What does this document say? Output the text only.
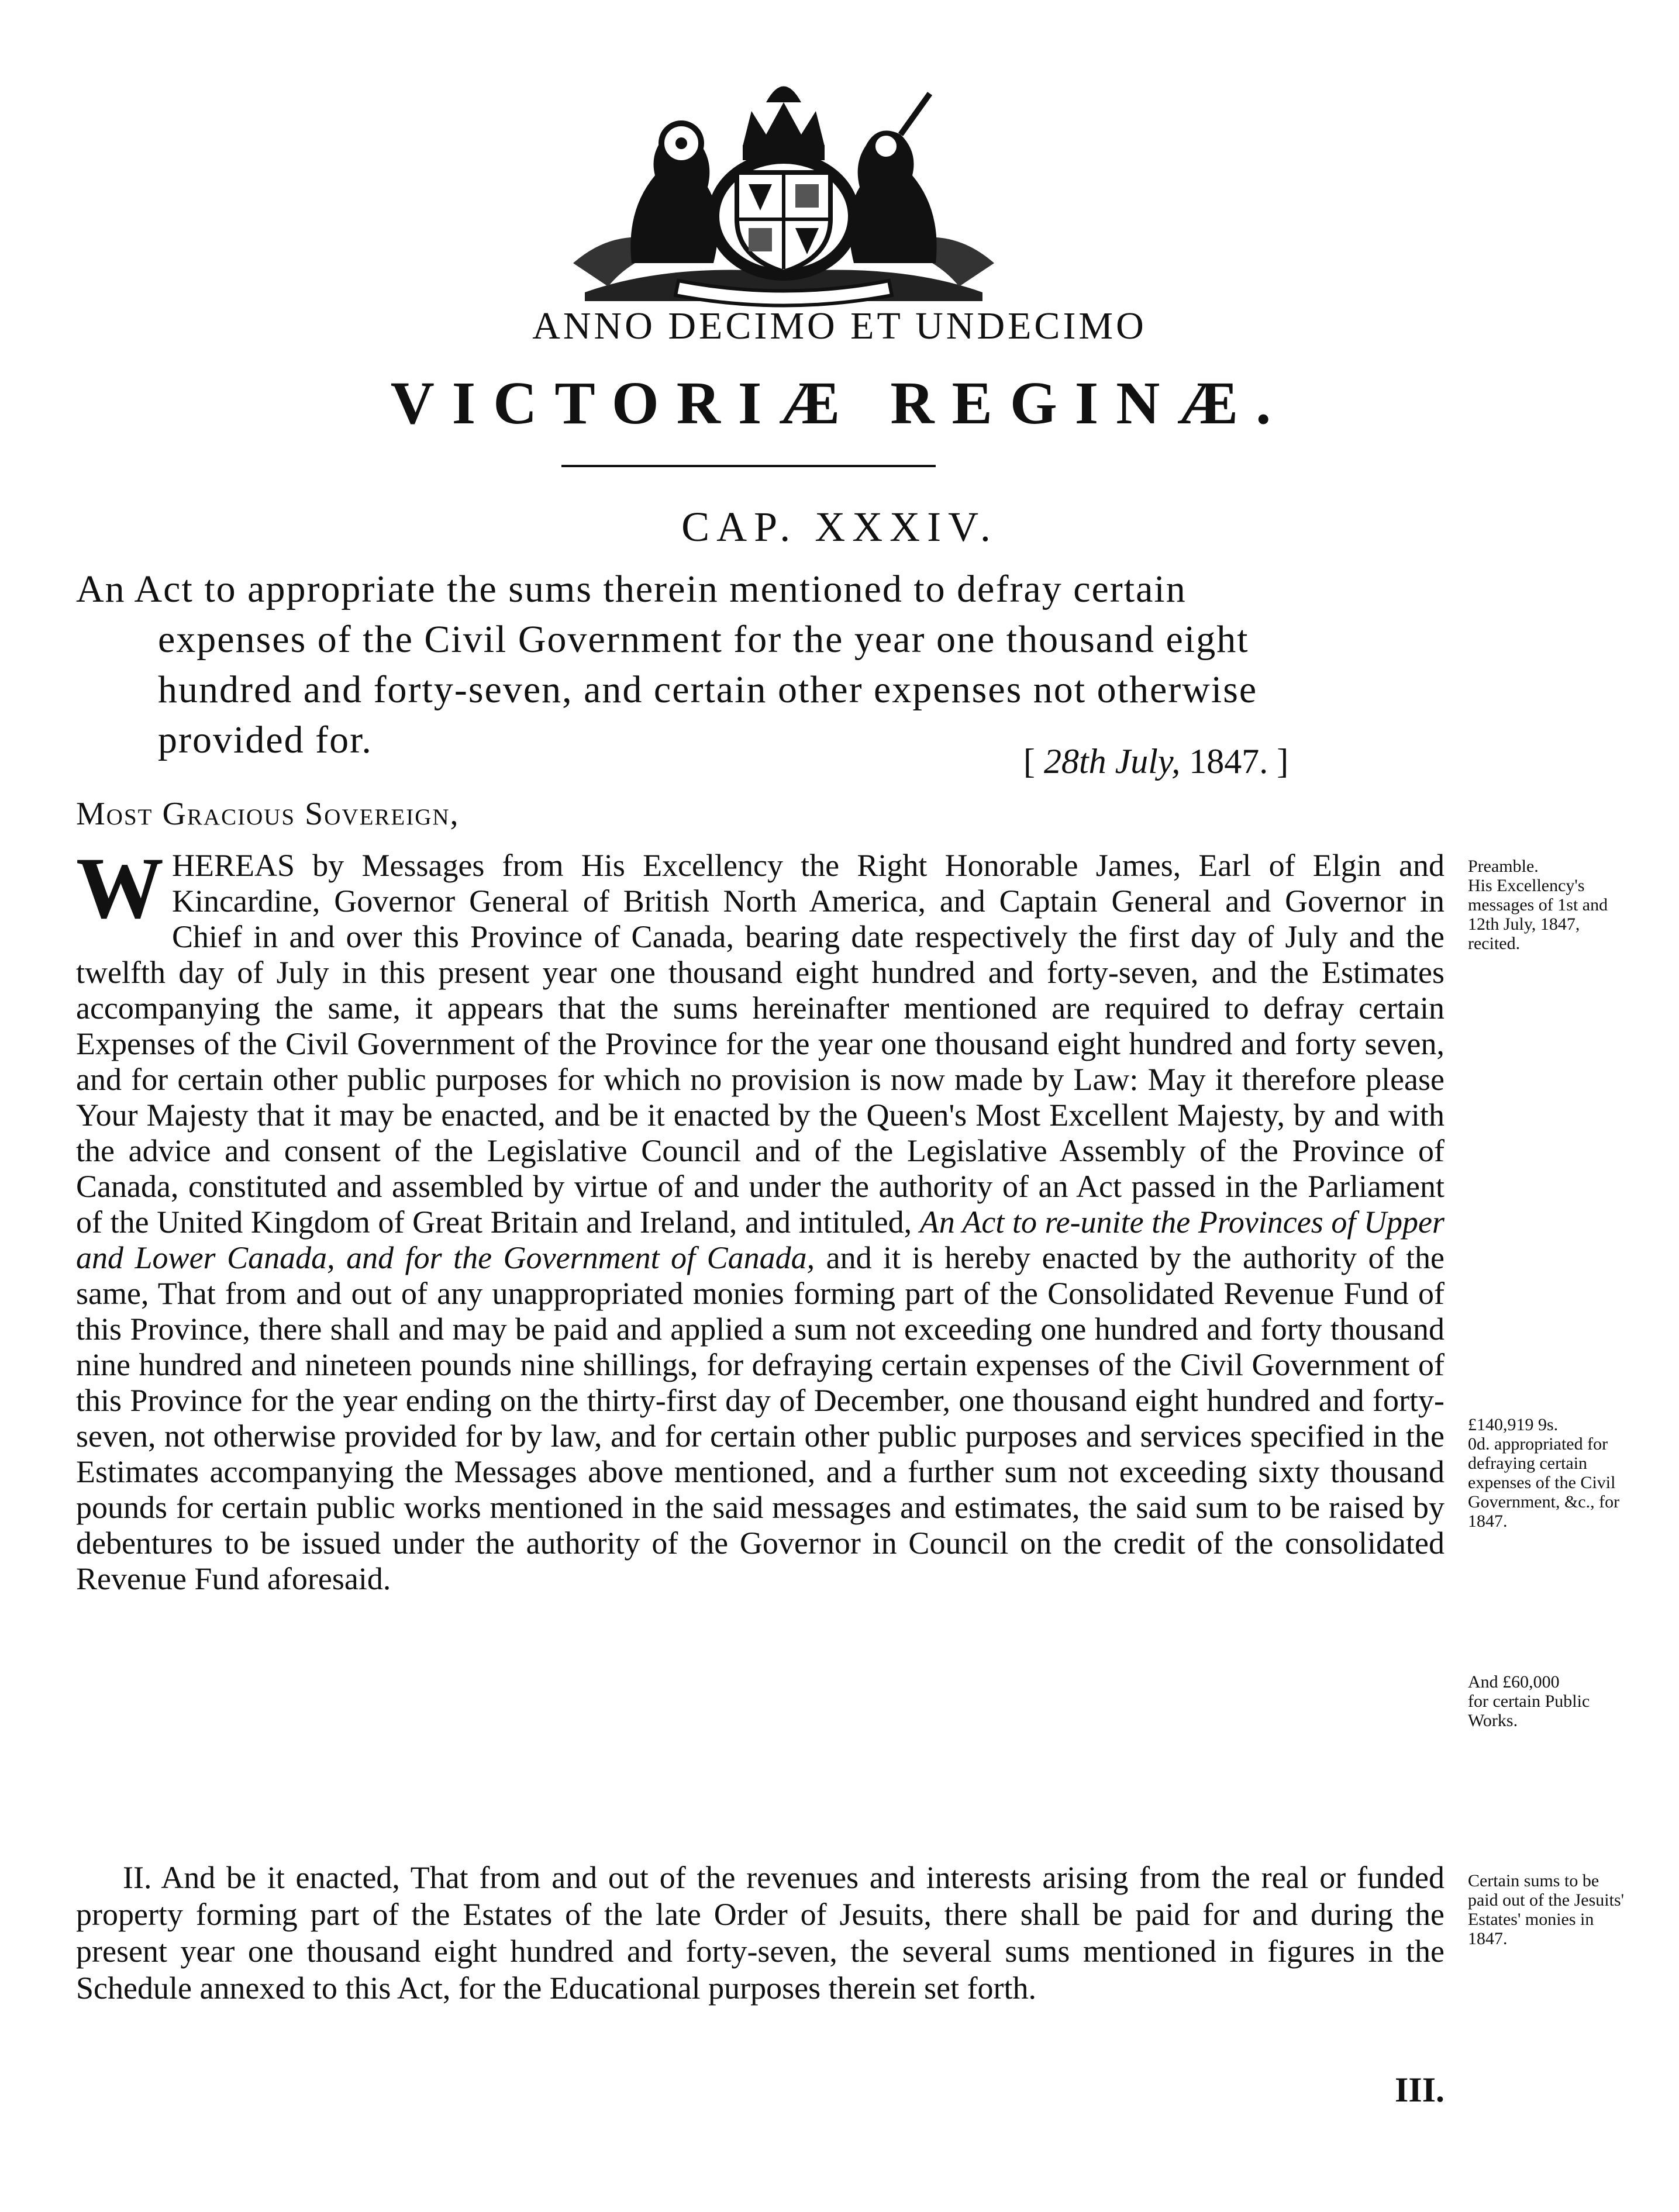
ANNO DECIMO ET UNDECIMO
VICTORIÆ REGINÆ.
CAP. XXXIV.
An Act to appropriate the sums therein mentioned to defray certain
expenses of the Civil Government for the year one thousand eight
hundred and forty-seven, and certain other expenses not otherwise
provided for.	[ 28th July, 1847. ]
Most Gracious Sovereign,
WHEREAS by Messages from His Excellency the Right Honorable James, Earl of Elgin and Kincardine, Governor General of British North America, and Captain General and Governor in Chief in and over this Province of Canada, bearing date respectively the first day of July and the twelfth day of July in this present year one thousand eight hundred and forty-seven, and the Estimates accompanying the same, it appears that the sums hereinafter mentioned are required to defray certain Expenses of the Civil Government of the Province for the year one thousand eight hundred and forty seven, and for certain other public purposes for which no provision is now made by Law: May it therefore please Your Majesty that it may be enacted, and be it enacted by the Queen's Most Excellent Majesty, by and with the advice and consent of the Legislative Council and of the Legislative Assembly of the Province of Canada, constituted and assembled by virtue of and under the authority of an Act passed in the Parliament of the United Kingdom of Great Britain and Ireland, and intituled, An Act to re-unite the Provinces of Upper and Lower Canada, and for the Government of Canada, and it is hereby enacted by the authority of the same, That from and out of any unappropriated monies forming part of the Consolidated Revenue Fund of this Province, there shall and may be paid and applied a sum not exceeding one hundred and forty thousand nine hundred and nineteen pounds nine shillings, for defraying certain expenses of the Civil Government of this Province for the year ending on the thirty-first day of December, one thousand eight hundred and forty-seven, not otherwise provided for by law, and for certain other public purposes and services specified in the Estimates accompanying the Messages above mentioned, and a further sum not exceeding sixty thousand pounds for certain public works mentioned in the said messages and estimates, the said sum to be raised by debentures to be issued under the authority of the Governor in Council on the credit of the consolidated Revenue Fund aforesaid.
II. And be it enacted, That from and out of the revenues and interests arising from the real or funded property forming part of the Estates of the late Order of Jesuits, there shall be paid for and during the present year one thousand eight hundred and forty-seven, the several sums mentioned in figures in the Schedule annexed to this Act, for the Educational purposes therein set forth.
III.
Preamble.
His Excellency's messages of 1st and 12th July, 1847, recited.
£140,919 9s.
0d. appropriated for defraying certain expenses of the Civil Government, &c., for 1847.
And £60,000
for certain Public Works.
Certain sums to be paid out of the Jesuits' Estates' monies in 1847.
